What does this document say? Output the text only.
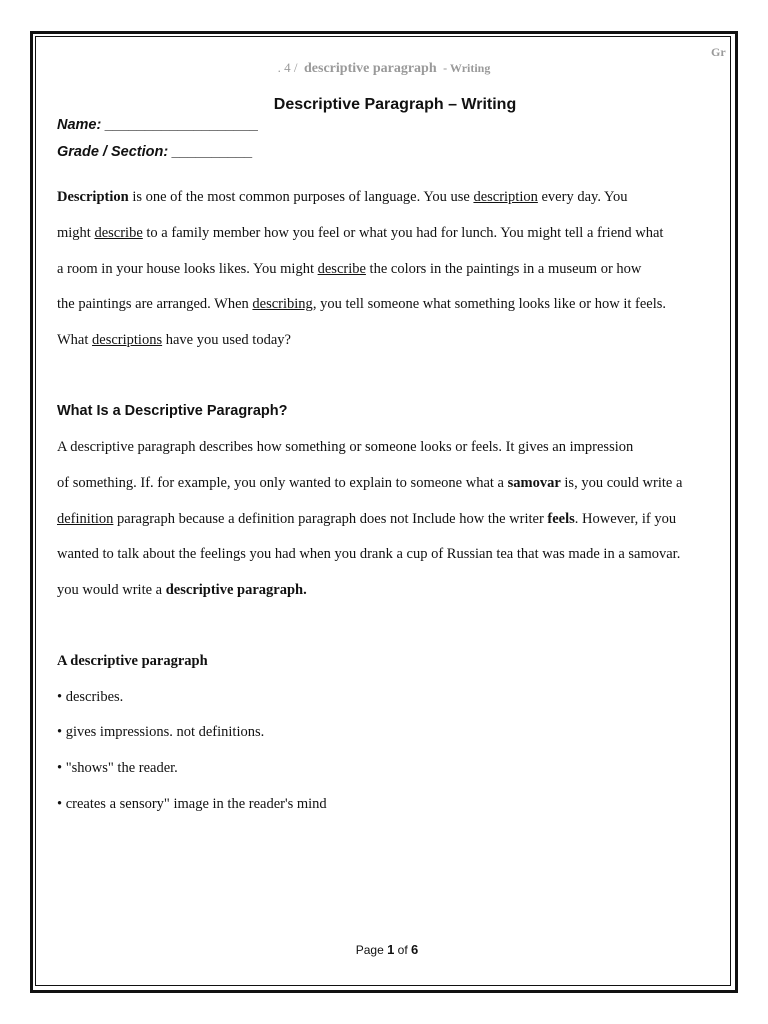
Gr
. 4 / descriptive paragraph - Writing
Descriptive Paragraph – Writing
Name: ___________________
Grade / Section: __________
Description is one of the most common purposes of language. You use description every day. You
might describe to a family member how you feel or what you had for lunch. You might tell a friend what
a room in your house looks likes. You might describe the colors in the paintings in a museum or how
the paintings are arranged. When describing, you tell someone what something looks like or how it feels.
What descriptions have you used today?
What Is a Descriptive Paragraph?
A descriptive paragraph describes how something or someone looks or feels. It gives an impression
of something. If. for example, you only wanted to explain to someone what a samovar is, you could write a
definition paragraph because a definition paragraph does not Include how the writer feels. However, if you
wanted to talk about the feelings you had when you drank a cup of Russian tea that was made in a samovar.
you would write a descriptive paragraph.
A descriptive paragraph
• describes.
• gives impressions. not definitions.
• "shows" the reader.
• creates a sensory" image in the reader's mind
Page 1 of 6
